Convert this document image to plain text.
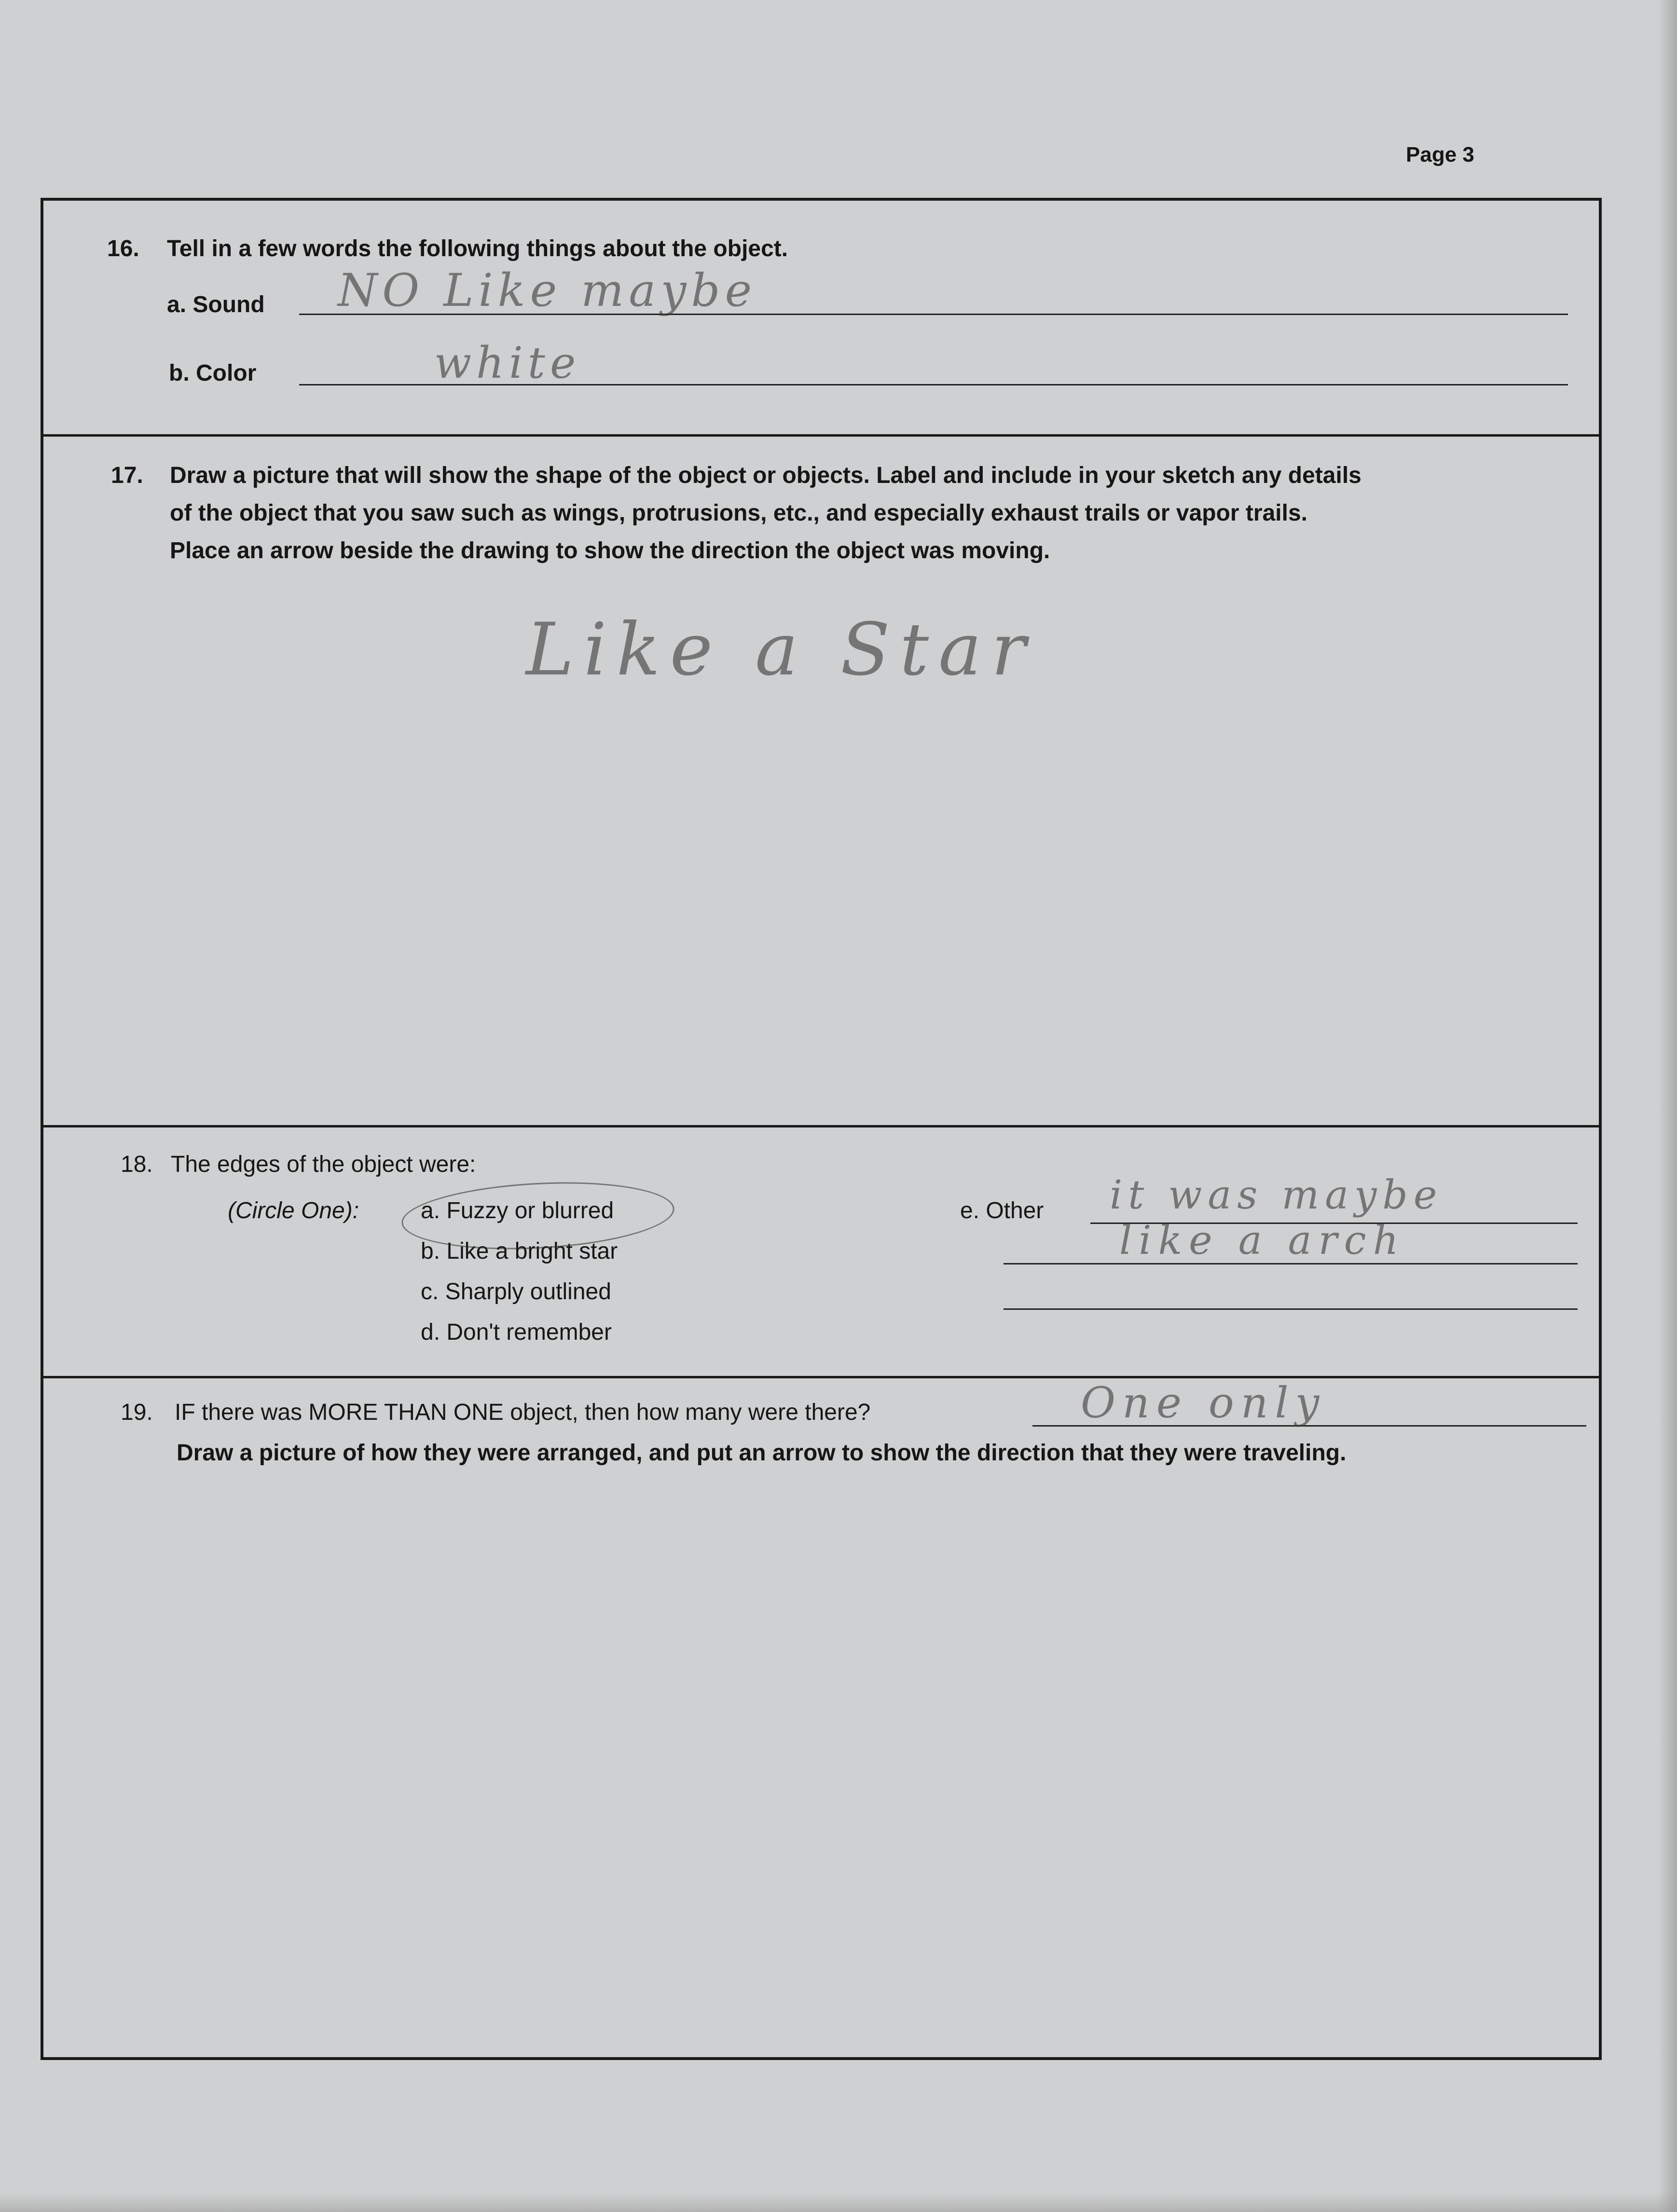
Page 3
16. Tell in a few words the following things about the object.
a. Sound NO Like maybe
b. Color	white
17. Draw a picture that will show the shape of the object or objects. Label and include in your sketch any details
of the object that you saw such as wings, protrusions, etc., and especially exhaust trails or vapor trails.
Place an arrow beside the drawing to show the direction the object was moving.
Like a Star
18. The edges of the object were:
(Circle One):	a. Fuzzy or blurred
b. Like a bright star
c. Sharply outlined
d. Don't remember
e. Other it was maybe
like a arch
19. IF there was MORE THAN ONE object, then how many were there?	One only
Draw a picture of how they were arranged, and put an arrow to show the direction that they were traveling.
